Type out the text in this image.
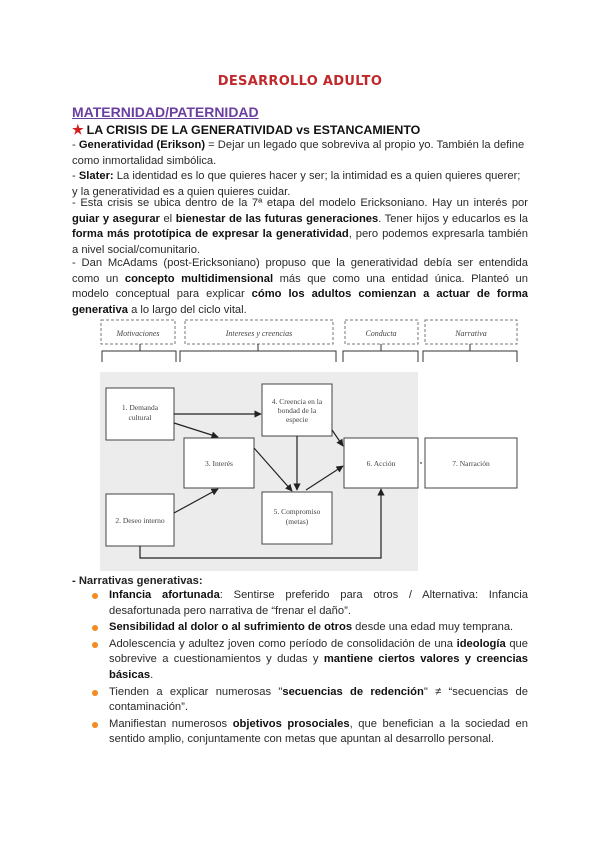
DESARROLLO ADULTO
MATERNIDAD/PATERNIDAD
★ LA CRISIS DE LA GENERATIVIDAD vs ESTANCAMIENTO
- Generatividad (Erikson) = Dejar un legado que sobreviva al propio yo. También la define como inmortalidad simbólica.
- Slater: La identidad es lo que quieres hacer y ser; la intimidad es a quien quieres querer; y la generatividad es a quien quieres cuidar.
- Esta crisis se ubica dentro de la 7ª etapa del modelo Ericksoniano. Hay un interés por guiar y asegurar el bienestar de las futuras generaciones. Tener hijos y educarlos es la forma más prototípica de expresar la generatividad, pero podemos expresarla también a nivel social/comunitario.
- Dan McAdams (post-Ericksoniano) propuso que la generatividad debía ser entendida como un concepto multidimensional más que como una entidad única. Planteó un modelo conceptual para explicar cómo los adultos comienzan a actuar de forma generativa a lo largo del ciclo vital.
Motivaciones	Intereses y creencias	Conducta	Narrativa
1. Demanda
cultural
2. Deseo interno
3. Interés
4. Creencia en la
bondad de la
especie
5. Compromiso
(metas)
6. Acción	7. Narración
- Narrativas generativas:
Infancia afortunada: Sentirse preferido para otros / Alternativa: Infancia desafortunada pero narrativa de “frenar el daño”.
Sensibilidad al dolor o al sufrimiento de otros desde una edad muy temprana.
Adolescencia y adultez joven como período de consolidación de una ideología que sobrevive a cuestionamientos y dudas y mantiene ciertos valores y creencias básicas.
Tienden a explicar numerosas "secuencias de redención" ≠ “secuencias de contaminación”.
Manifiestan numerosos objetivos prosociales, que benefician a la sociedad en sentido amplio, conjuntamente con metas que apuntan al desarrollo personal.
